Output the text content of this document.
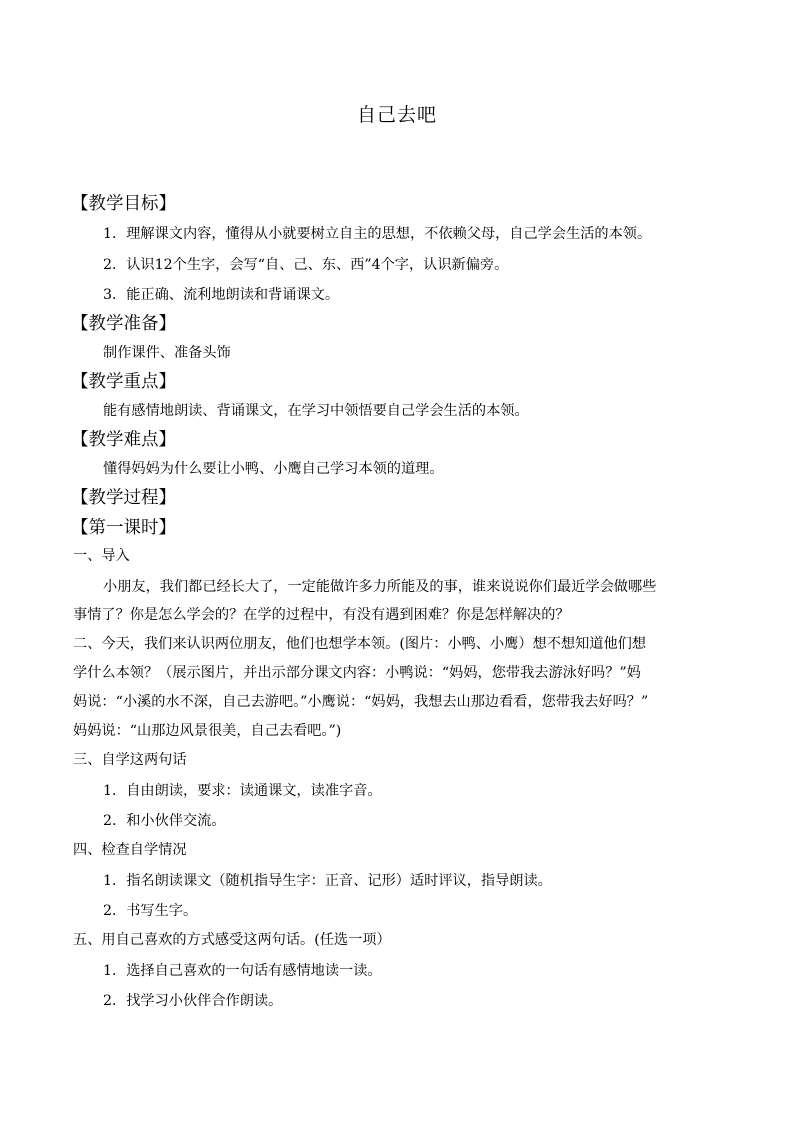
自己去吧
【教学目标】
1．理解课文内容，懂得从小就要树立自主的思想，不依赖父母，自己学会生活的本领。
2．认识12个生字，会写“自、己、东、西”4个字，认识新偏旁。
3．能正确、流利地朗读和背诵课文。
【教学准备】
制作课件、准备头饰
【教学重点】
能有感情地朗读、背诵课文，在学习中领悟要自己学会生活的本领。
【教学难点】
懂得妈妈为什么要让小鸭、小鹰自己学习本领的道理。
【教学过程】
【第一课时】
一、导入
小朋友，我们都已经长大了，一定能做许多力所能及的事，谁来说说你们最近学会做哪些
事情了？你是怎么学会的？在学的过程中，有没有遇到困难？你是怎样解决的？
二、今天，我们来认识两位朋友，他们也想学本领。(图片：小鸭、小鹰）想不想知道他们想
学什么本领？（展示图片，并出示部分课文内容：小鸭说：“妈妈，您带我去游泳好吗？”妈
妈说：“小溪的水不深，自己去游吧。”小鹰说：“妈妈，我想去山那边看看，您带我去好吗？”
妈妈说：“山那边风景很美，自己去看吧。”)
三、自学这两句话
1．自由朗读，要求：读通课文，读准字音。
2．和小伙伴交流。
四、检查自学情况
1．指名朗读课文（随机指导生字：正音、记形）适时评议，指导朗读。
2．书写生字。
五、用自己喜欢的方式感受这两句话。(任选一项）
1．选择自己喜欢的一句话有感情地读一读。
2．找学习小伙伴合作朗读。
